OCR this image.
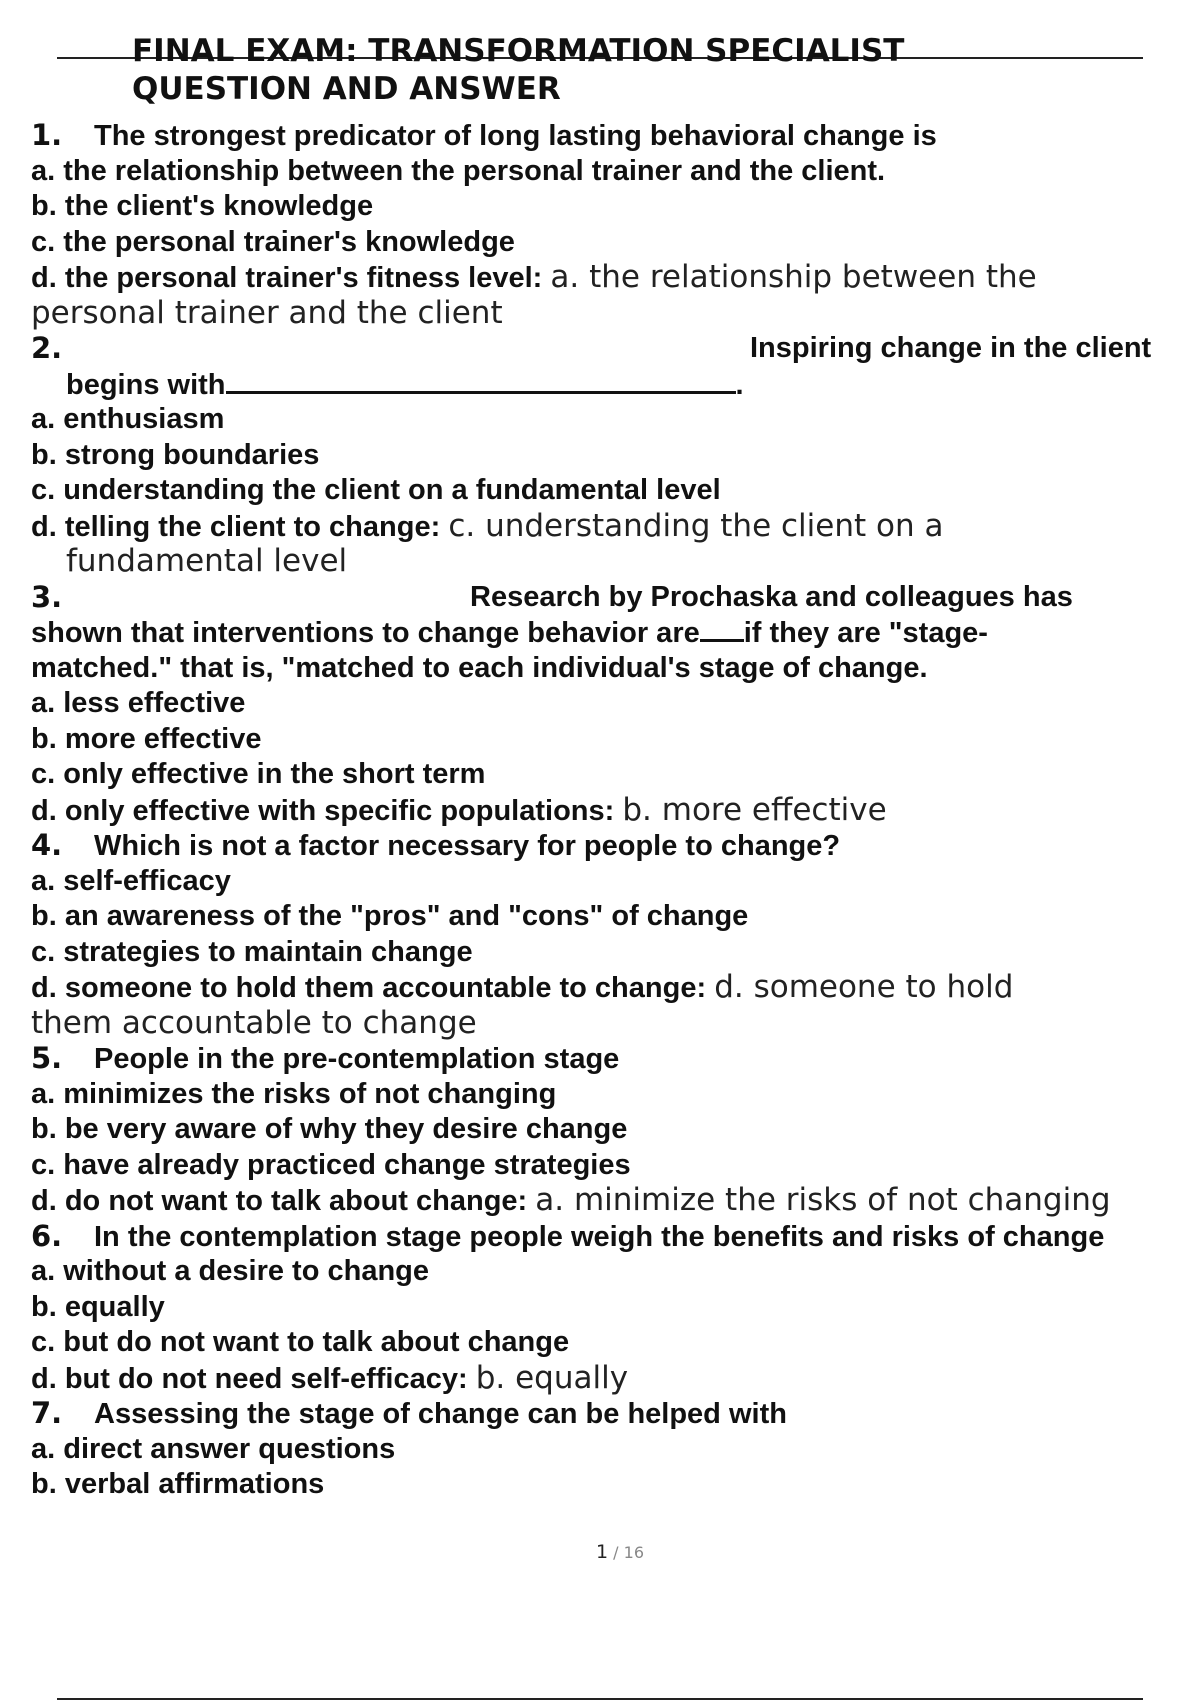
FINAL EXAM: TRANSFORMATION SPECIALIST
QUESTION AND ANSWER
1. The strongest predicator of long lasting behavioral change is
a. the relationship between the personal trainer and the client.
b. the client's knowledge
c. the personal trainer's knowledge
d. the personal trainer's fitness level: a. the relationship between the
personal trainer and the client
2.	Inspiring change in the client
begins with	.
a. enthusiasm
b. strong boundaries
c. understanding the client on a fundamental level
d. telling the client to change: c. understanding the client on a
fundamental level
3.	Research by Prochaska and colleagues has
shown that interventions to change behavior are if they are "stage-
matched." that is, "matched to each individual's stage of change.
a. less effective
b. more effective
c. only effective in the short term
d. only effective with specific populations: b. more effective
4. Which is not a factor necessary for people to change?
a. self-efficacy
b. an awareness of the "pros" and "cons" of change
c. strategies to maintain change
d. someone to hold them accountable to change: d. someone to hold
them accountable to change
5. People in the pre-contemplation stage
a. minimizes the risks of not changing
b. be very aware of why they desire change
c. have already practiced change strategies
d. do not want to talk about change: a. minimize the risks of not changing
6. In the contemplation stage people weigh the benefits and risks of change
a. without a desire to change
b. equally
c. but do not want to talk about change
d. but do not need self-efficacy: b. equally
7. Assessing the stage of change can be helped with
a. direct answer questions
b. verbal affirmations
1 / 16
